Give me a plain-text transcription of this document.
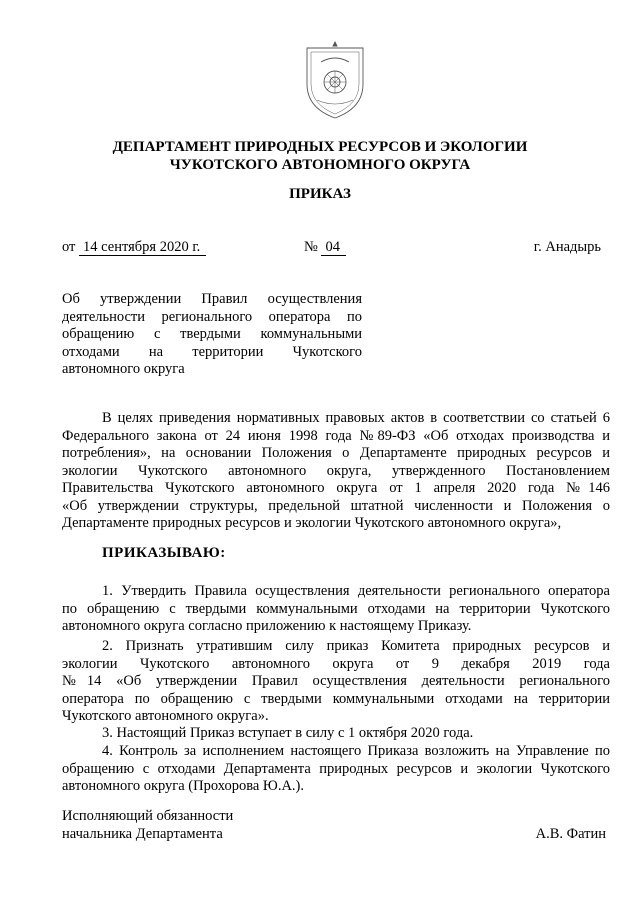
ДЕПАРТАМЕНТ ПРИРОДНЫХ РЕСУРСОВ И ЭКОЛОГИИ
ЧУКОТСКОГО АВТОНОМНОГО ОКРУГА
ПРИКАЗ
от 14 сентября 2020 г.	№ 04	г. Анадырь
Об утверждении Правил осуществления
деятельности регионального оператора по
обращению с твердыми коммунальными
отходами на территории Чукотского
автономного округа
В целях приведения нормативных правовых актов в соответствии со статьей 6
Федерального закона от 24 июня 1998 года №89-ФЗ «Об отходах производства и
потребления», на основании Положения о Департаменте природных ресурсов и
экологии Чукотского автономного округа, утвержденного Постановлением
Правительства Чукотского автономного округа от 1 апреля 2020 года №146
«Об утверждении структуры, предельной штатной численности и Положения о
Департаменте природных ресурсов и экологии Чукотского автономного округа»,
ПРИКАЗЫВАЮ:
1. Утвердить Правила осуществления деятельности регионального оператора
по обращению с твердыми коммунальными отходами на территории Чукотского
автономного округа согласно приложению к настоящему Приказу.
2. Признать утратившим силу приказ Комитета природных ресурсов и
экологии Чукотского автономного округа от 9 декабря 2019 года
№14 «Об утверждении Правил осуществления деятельности регионального
оператора по обращению с твердыми коммунальными отходами на территории
Чукотского автономного округа».
3. Настоящий Приказ вступает в силу с 1 октября 2020 года.
4. Контроль за исполнением настоящего Приказа возложить на Управление по
обращению с отходами Департамента природных ресурсов и экологии Чукотского
автономного округа (Прохорова Ю.А.).
Исполняющий обязанности
начальника Департамента	А.В. Фатин
